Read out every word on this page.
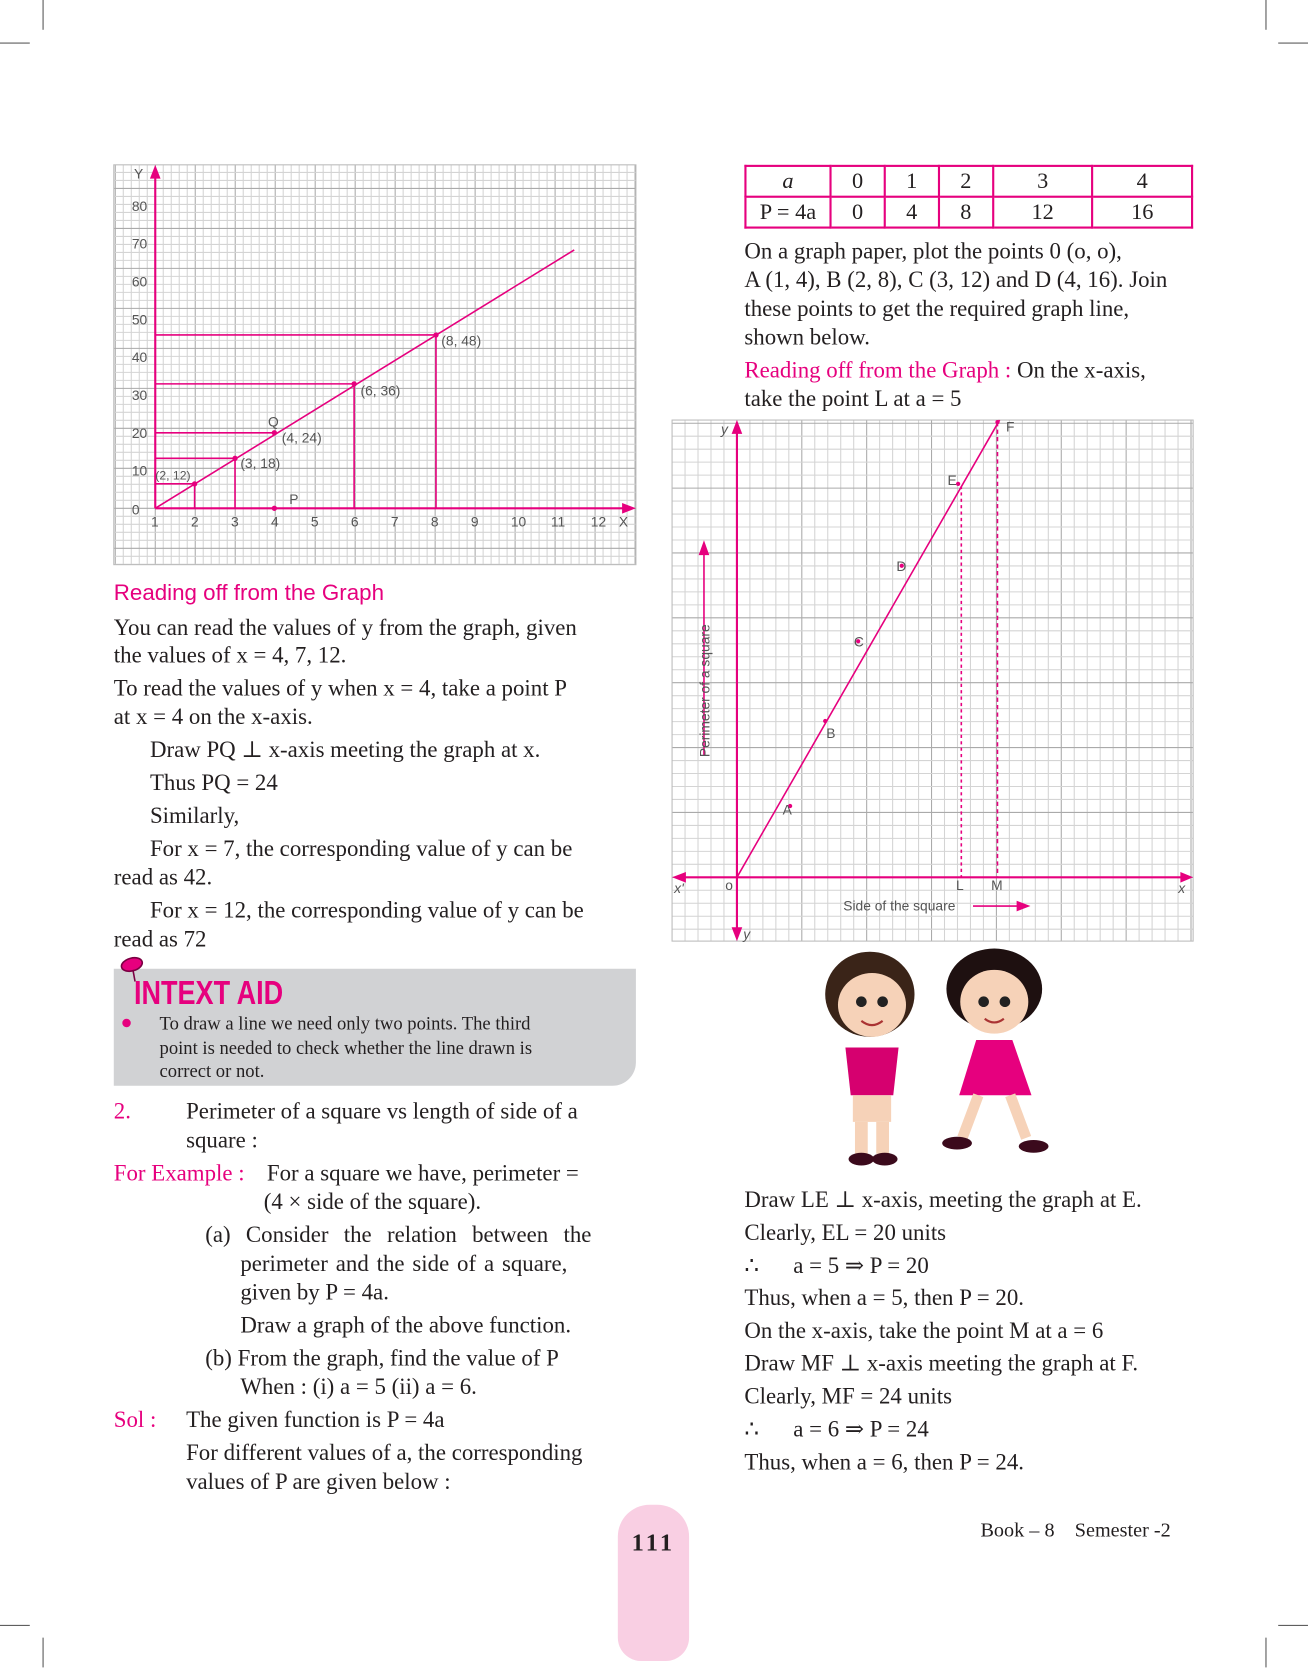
Y
X
0
10
20
30
40
50
60
70
80
1 2 3 4 5 6 7 8 9 10 11 12
(2, 12)
(3, 18)
(4, 24)
(6, 36)
(8, 48)
Q
P
Reading off from the Graph
You can read the values of y from the graph, given
the values of x = 4, 7, 12.
To read the values of y when x = 4, take a point P
at x = 4 on the x-axis.
Draw PQ ⊥ x-axis meeting the graph at x.
Thus PQ = 24
Similarly,
For x = 7, the corresponding value of y can be
read as 42.
For x = 12, the corresponding value of y can be
read as 72
INTEXT AID
To draw a line we need only two points. The third
point is needed to check whether the line drawn is
correct or not.
2.	Perimeter of a square vs length of side of a
square :
For Example : For a square we have, perimeter =
(4 × side of the square).
(a) Consider the relation between the
perimeter and the side of a square,
given by P = 4a.
Draw a graph of the above function.
(b) From the graph, find the value of P
When : (i) a = 5 (ii) a = 6.
Sol : The given function is P = 4a
For different values of a, the corresponding
values of P are given below :
a	0	1	2	3	4
P = 4a	0	4	8	12	16
On a graph paper, plot the points 0 (o, o),
A (1, 4), B (2, 8), C (3, 12) and D (4, 16). Join
these points to get the required graph line,
shown below.
Reading off from the Graph : On the x-axis,
take the point L at a = 5
y
y
x
x'	o
A
B
C
D
E
F
L M
Perimeter of a square
Side of the square
Draw LE ⊥ x-axis, meeting the graph at E.
Clearly, EL = 20 units
∴      a = 5 ⇒ P = 20
Thus, when a = 5, then P = 20.
On the x-axis, take the point M at a = 6
Draw MF ⊥ x-axis meeting the graph at F.
Clearly, MF = 24 units
∴      a = 6 ⇒ P = 24
Thus, when a = 6, then P = 24.
111	Book – 8    Semester -2
